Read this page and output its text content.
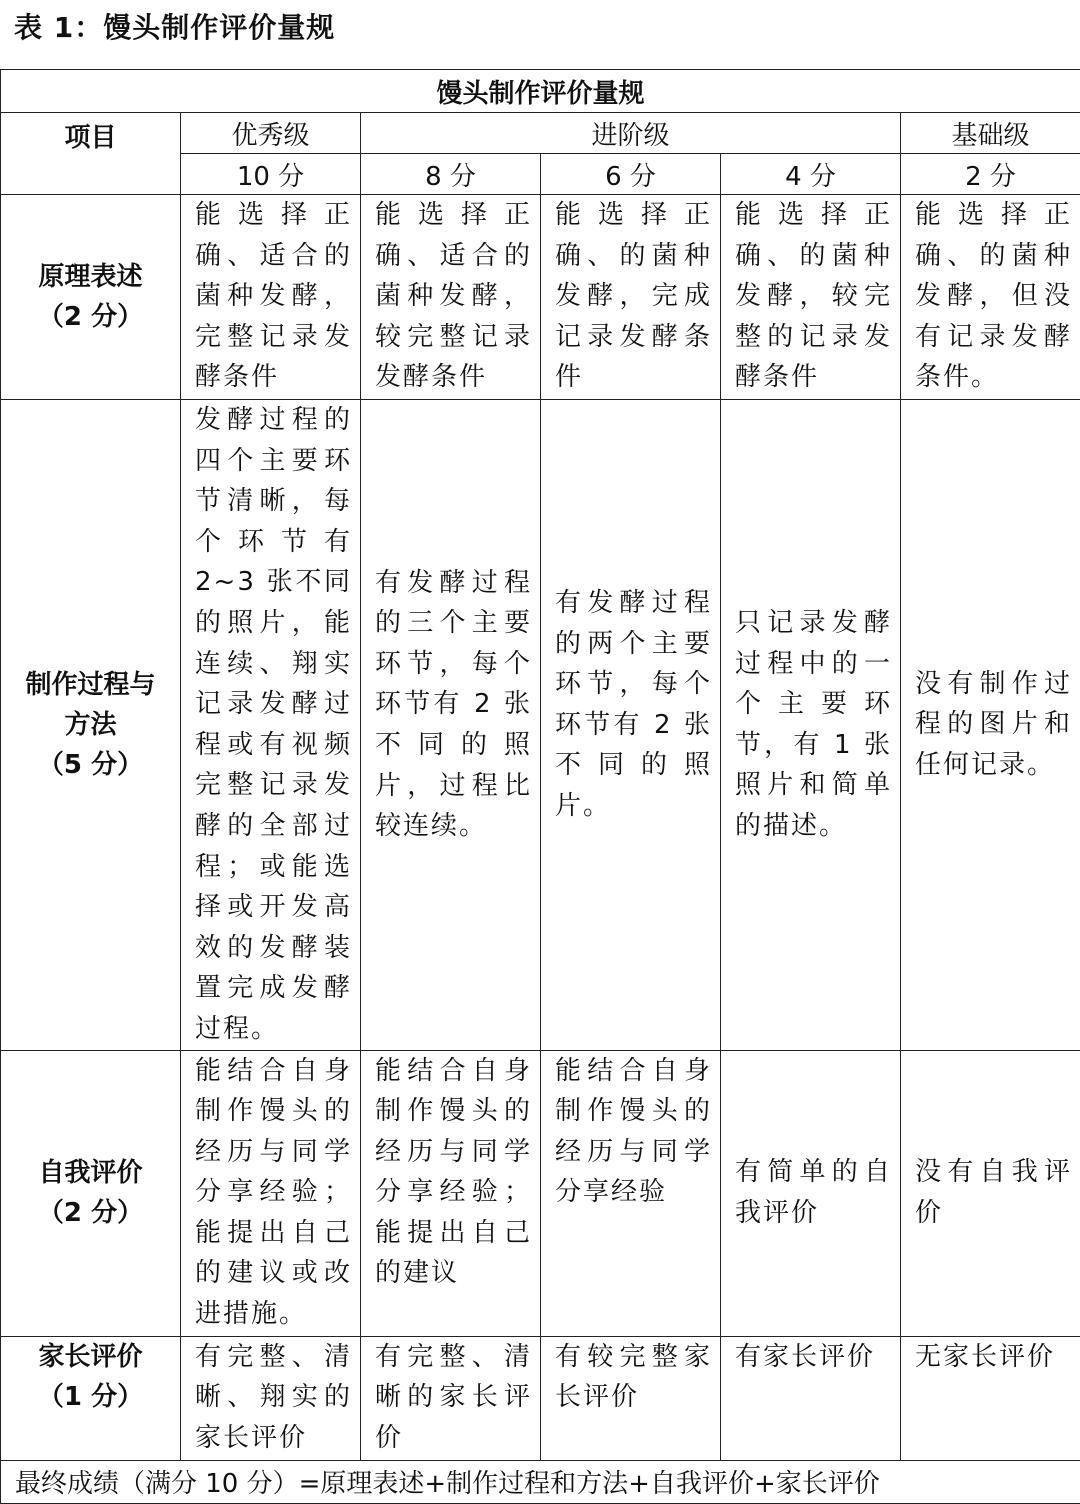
表 1：馒头制作评价量规
馒头制作评价量规					
项目	优秀级	进阶级			基础级
	10 分	8 分	6 分	4 分	2 分

原理表述
（2 分）	能选择正确、适合的菌种发酵，完整记录发酵条件	能选择正确、适合的菌种发酵，较完整记录发酵条件	能选择正确、的菌种发酵，完成记录发酵条件	能选择正确、的菌种发酵，较完整的记录发酵条件	能选择正确、的菌种发酵，但没有记录发酵条件。

制作过程与
方法
（5 分）	发酵过程的四个主要环节清晰，每个环节有 2~3 张不同的照片，能连续、翔实记录发酵过程或有视频完整记录发酵的全部过程；或能选择或开发高效的发酵装置完成发酵过程。	有发酵过程的三个主要环节，每个环节有 2 张不同的照片，过程比较连续。	有发酵过程的两个主要环节，每个环节有 2 张不同的照片。	只记录发酵过程中的一个主要环节，有 1 张照片和简单的描述。	没有制作过程的图片和任何记录。

自我评价
（2 分）	能结合自身制作馒头的经历与同学分享经验；能提出自己的建议或改进措施。	能结合自身制作馒头的经历与同学分享经验；能提出自己的建议	能结合自身制作馒头的经历与同学分享经验	有简单的自我评价	没有自我评价

家长评价
（1 分）	有完整、清晰、翔实的家长评价	有完整、清晰的家长评价	有较完整家长评价	有家长评价	无家长评价
最终成绩（满分 10 分）=原理表述+制作过程和方法+自我评价+家长评价					
